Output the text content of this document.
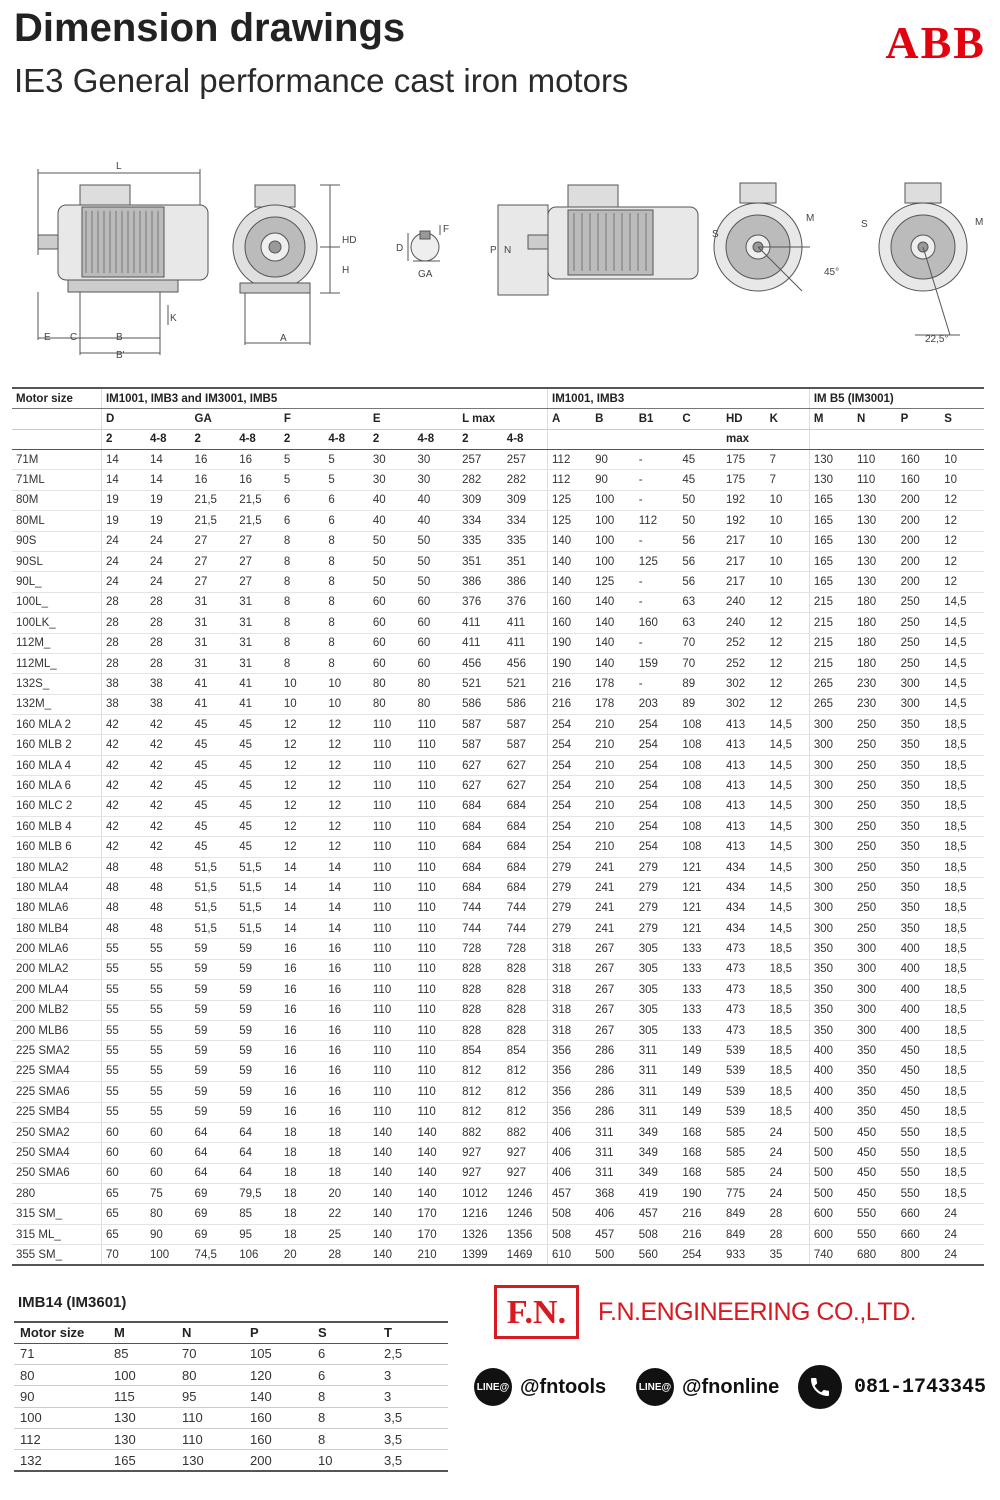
Dimension drawings
IE3 General performance cast iron motors
ABB
L
HD
H
E C	B
B'
K
A
F
D
GA
P N
S
M
45°
S	M
22,5°
Motor size	IM1001, IMB3 and IM3001, IMB5										IM1001, IMB3						IM B5 (IM3001)			
	D		GA		F		E		L max		A	B	B1	C	HD	K	M	N	P	S
	2	4-8	2	4-8	2	4-8	2	4-8	2	4-8					max					
71M	14	14	16	16	5	5	30	30	257	257	112	90	-	45	175	7	130	110	160	10
71ML	14	14	16	16	5	5	30	30	282	282	112	90	-	45	175	7	130	110	160	10
80M	19	19	21,5	21,5	6	6	40	40	309	309	125	100	-	50	192	10	165	130	200	12
80ML	19	19	21,5	21,5	6	6	40	40	334	334	125	100	112	50	192	10	165	130	200	12
90S	24	24	27	27	8	8	50	50	335	335	140	100	-	56	217	10	165	130	200	12
90SL	24	24	27	27	8	8	50	50	351	351	140	100	125	56	217	10	165	130	200	12
90L_	24	24	27	27	8	8	50	50	386	386	140	125	-	56	217	10	165	130	200	12
100L_	28	28	31	31	8	8	60	60	376	376	160	140	-	63	240	12	215	180	250	14,5
100LK_	28	28	31	31	8	8	60	60	411	411	160	140	160	63	240	12	215	180	250	14,5
112M_	28	28	31	31	8	8	60	60	411	411	190	140	-	70	252	12	215	180	250	14,5
112ML_	28	28	31	31	8	8	60	60	456	456	190	140	159	70	252	12	215	180	250	14,5
132S_	38	38	41	41	10	10	80	80	521	521	216	178	-	89	302	12	265	230	300	14,5
132M_	38	38	41	41	10	10	80	80	586	586	216	178	203	89	302	12	265	230	300	14,5
160 MLA 2	42	42	45	45	12	12	110	110	587	587	254	210	254	108	413	14,5	300	250	350	18,5
160 MLB 2	42	42	45	45	12	12	110	110	587	587	254	210	254	108	413	14,5	300	250	350	18,5
160 MLA 4	42	42	45	45	12	12	110	110	627	627	254	210	254	108	413	14,5	300	250	350	18,5
160 MLA 6	42	42	45	45	12	12	110	110	627	627	254	210	254	108	413	14,5	300	250	350	18,5
160 MLC 2	42	42	45	45	12	12	110	110	684	684	254	210	254	108	413	14,5	300	250	350	18,5
160 MLB 4	42	42	45	45	12	12	110	110	684	684	254	210	254	108	413	14,5	300	250	350	18,5
160 MLB 6	42	42	45	45	12	12	110	110	684	684	254	210	254	108	413	14,5	300	250	350	18,5
180 MLA2	48	48	51,5	51,5	14	14	110	110	684	684	279	241	279	121	434	14,5	300	250	350	18,5
180 MLA4	48	48	51,5	51,5	14	14	110	110	684	684	279	241	279	121	434	14,5	300	250	350	18,5
180 MLA6	48	48	51,5	51,5	14	14	110	110	744	744	279	241	279	121	434	14,5	300	250	350	18,5
180 MLB4	48	48	51,5	51,5	14	14	110	110	744	744	279	241	279	121	434	14,5	300	250	350	18,5
200 MLA6	55	55	59	59	16	16	110	110	728	728	318	267	305	133	473	18,5	350	300	400	18,5
200 MLA2	55	55	59	59	16	16	110	110	828	828	318	267	305	133	473	18,5	350	300	400	18,5
200 MLA4	55	55	59	59	16	16	110	110	828	828	318	267	305	133	473	18,5	350	300	400	18,5
200 MLB2	55	55	59	59	16	16	110	110	828	828	318	267	305	133	473	18,5	350	300	400	18,5
200 MLB6	55	55	59	59	16	16	110	110	828	828	318	267	305	133	473	18,5	350	300	400	18,5
225 SMA2	55	55	59	59	16	16	110	110	854	854	356	286	311	149	539	18,5	400	350	450	18,5
225 SMA4	55	55	59	59	16	16	110	110	812	812	356	286	311	149	539	18,5	400	350	450	18,5
225 SMA6	55	55	59	59	16	16	110	110	812	812	356	286	311	149	539	18,5	400	350	450	18,5
225 SMB4	55	55	59	59	16	16	110	110	812	812	356	286	311	149	539	18,5	400	350	450	18,5
250 SMA2	60	60	64	64	18	18	140	140	882	882	406	311	349	168	585	24	500	450	550	18,5
250 SMA4	60	60	64	64	18	18	140	140	927	927	406	311	349	168	585	24	500	450	550	18,5
250 SMA6	60	60	64	64	18	18	140	140	927	927	406	311	349	168	585	24	500	450	550	18,5
280	65	75	69	79,5	18	20	140	140	1012	1246	457	368	419	190	775	24	500	450	550	18,5
315 SM_	65	80	69	85	18	22	140	170	1216	1246	508	406	457	216	849	28	600	550	660	24
315 ML_	65	90	69	95	18	25	140	170	1326	1356	508	457	508	216	849	28	600	550	660	24
355 SM_	70	100	74,5	106	20	28	140	210	1399	1469	610	500	560	254	933	35	740	680	800	24
IMB14 (IM3601)
Motor size	M	N	P	S	T
71	85	70	105	6	2,5
80	100	80	120	6	3
90	115	95	140	8	3
100	130	110	160	8	3,5
112	130	110	160	8	3,5
132	165	130	200	10	3,5
F.N.	F.N.ENGINEERING CO.,LTD.
LINE@ @fntools	LINE@ @fnonline	081-1743345
